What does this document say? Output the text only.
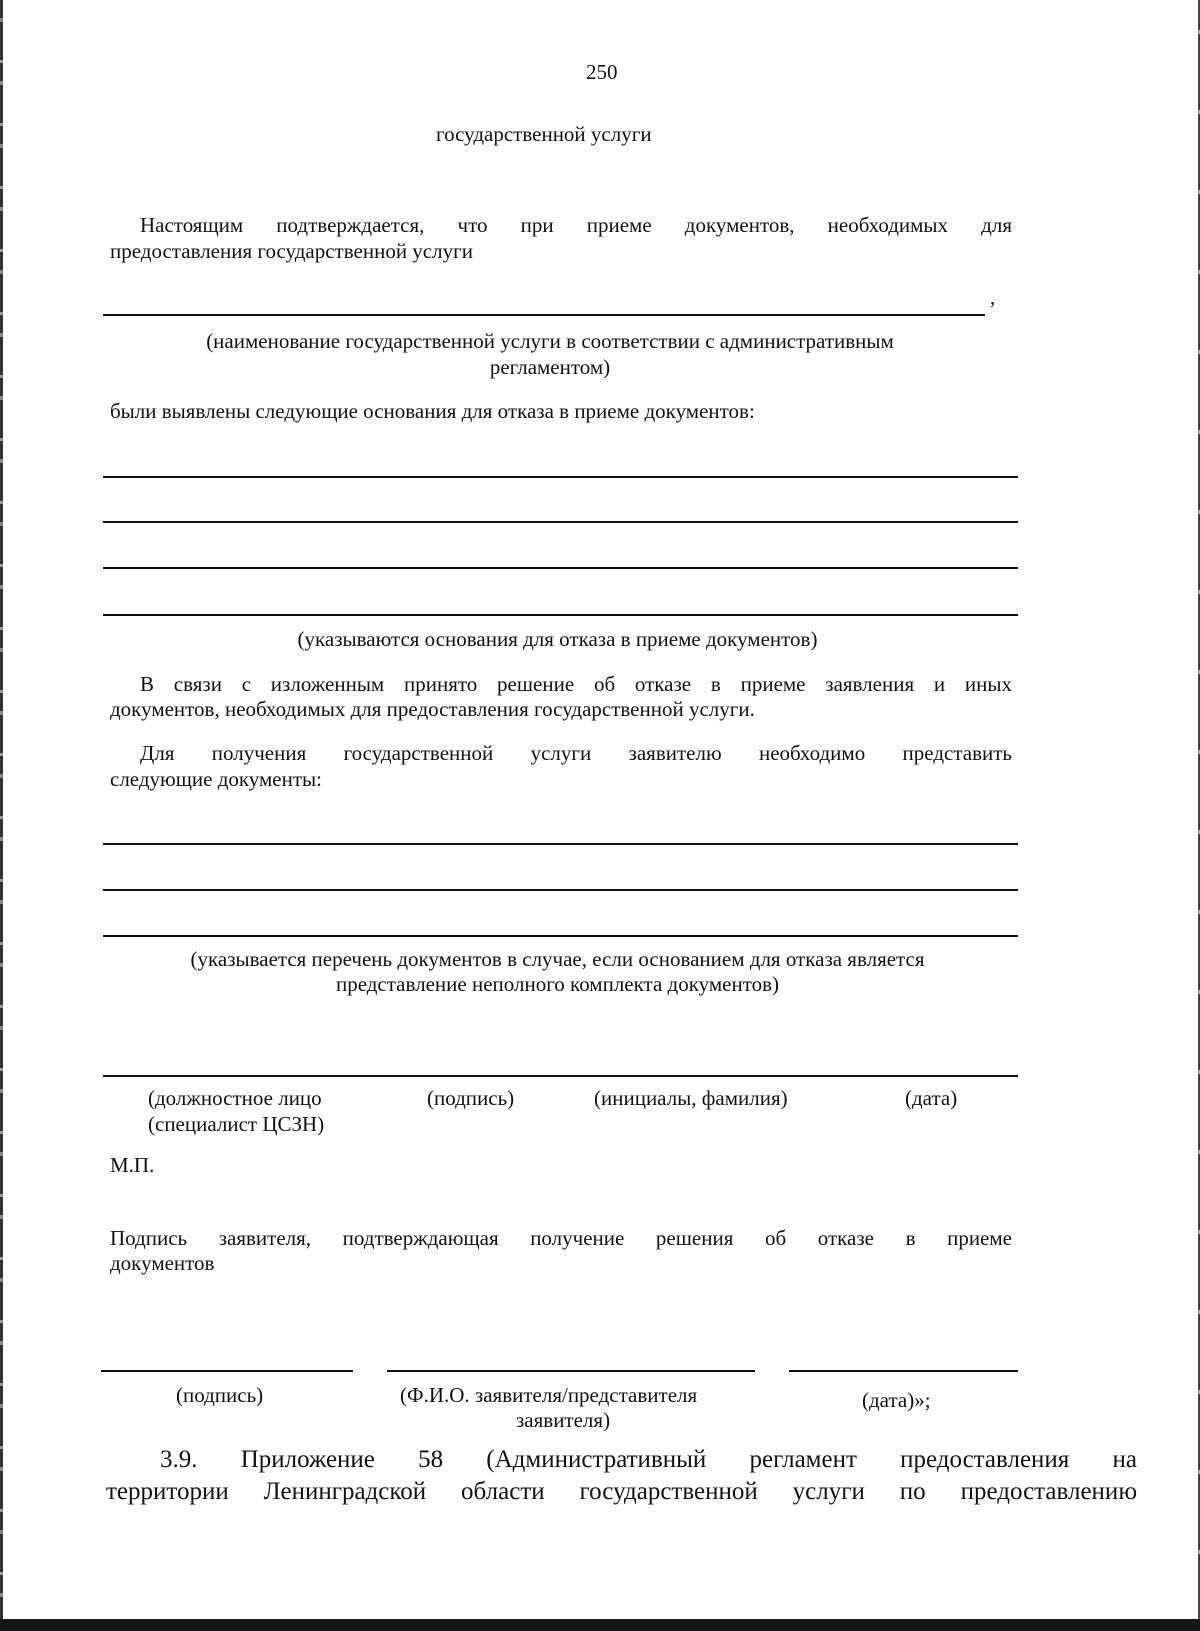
250
государственной услуги
Настоящим подтверждается, что при приеме документов, необходимых для
предоставления государственной услуги
,
(наименование государственной услуги в соответствии с административным
регламентом)
были выявлены следующие основания для отказа в приеме документов:
(указываются основания для отказа в приеме документов)
В связи с изложенным принято решение об отказе в приеме заявления и иных
документов, необходимых для предоставления государственной услуги.
Для получения государственной услуги заявителю необходимо представить
следующие документы:
(указывается перечень документов в случае, если основанием для отказа является
представление неполного комплекта документов)
(должностное лицо
(специалист ЦСЗН)
(подпись)	(инициалы, фамилия)	(дата)
М.П.
Подпись заявителя, подтверждающая получение решения об отказе в приеме
документов
(подпись)	(Ф.И.О. заявителя/представителя
заявителя)
(дата)»;
3.9. Приложение 58 (Административный регламент предоставления на
территории Ленинградской области государственной услуги по предоставлению
